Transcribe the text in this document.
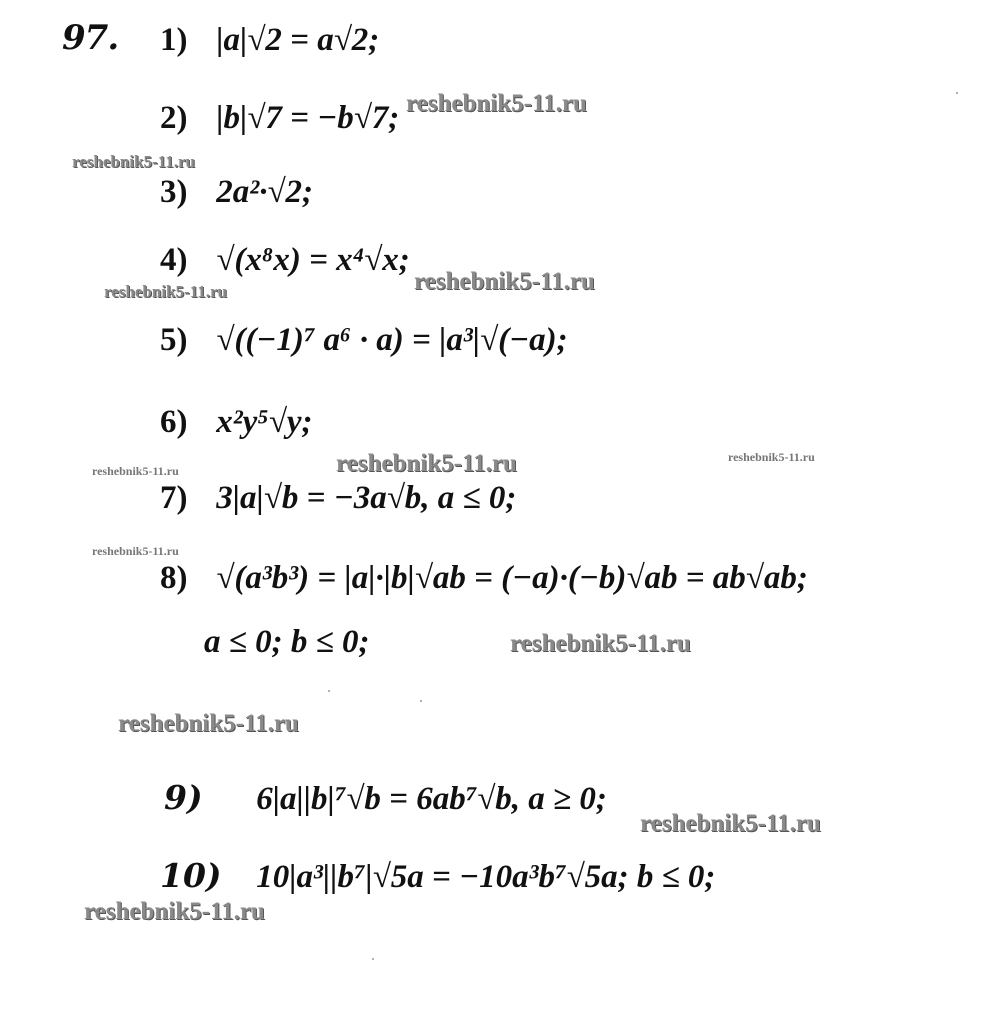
97. 1) |a|√2 = a√2;
2) |b|√7 = −b√7;
3) 2a²·√2;
4) √(x⁸x) = x⁴√x;
5) √((−1)⁷ a⁶ · a) = |a³|√(−a);
6) x²y⁵√y;
7) 3|a|√b = −3a√b, a ≤ 0;
8) √(a³b³) = |a|·|b|√ab = (−a)·(−b)√ab = ab√ab;
a ≤ 0; b ≤ 0;
9) 6|a||b|⁷√b = 6ab⁷√b, a ≥ 0;
10) 10|a³||b⁷|√5a = −10a³b⁷√5a; b ≤ 0;
reshebnik5-11.ru
reshebnik5-11.ru
reshebnik5-11.ru
reshebnik5-11.ru
reshebnik5-11.ru
reshebnik5-11.ru
reshebnik5-11.ru
reshebnik5-11.ru
reshebnik5-11.ru
reshebnik5-11.ru
reshebnik5-11.ru
reshebnik5-11.ru
